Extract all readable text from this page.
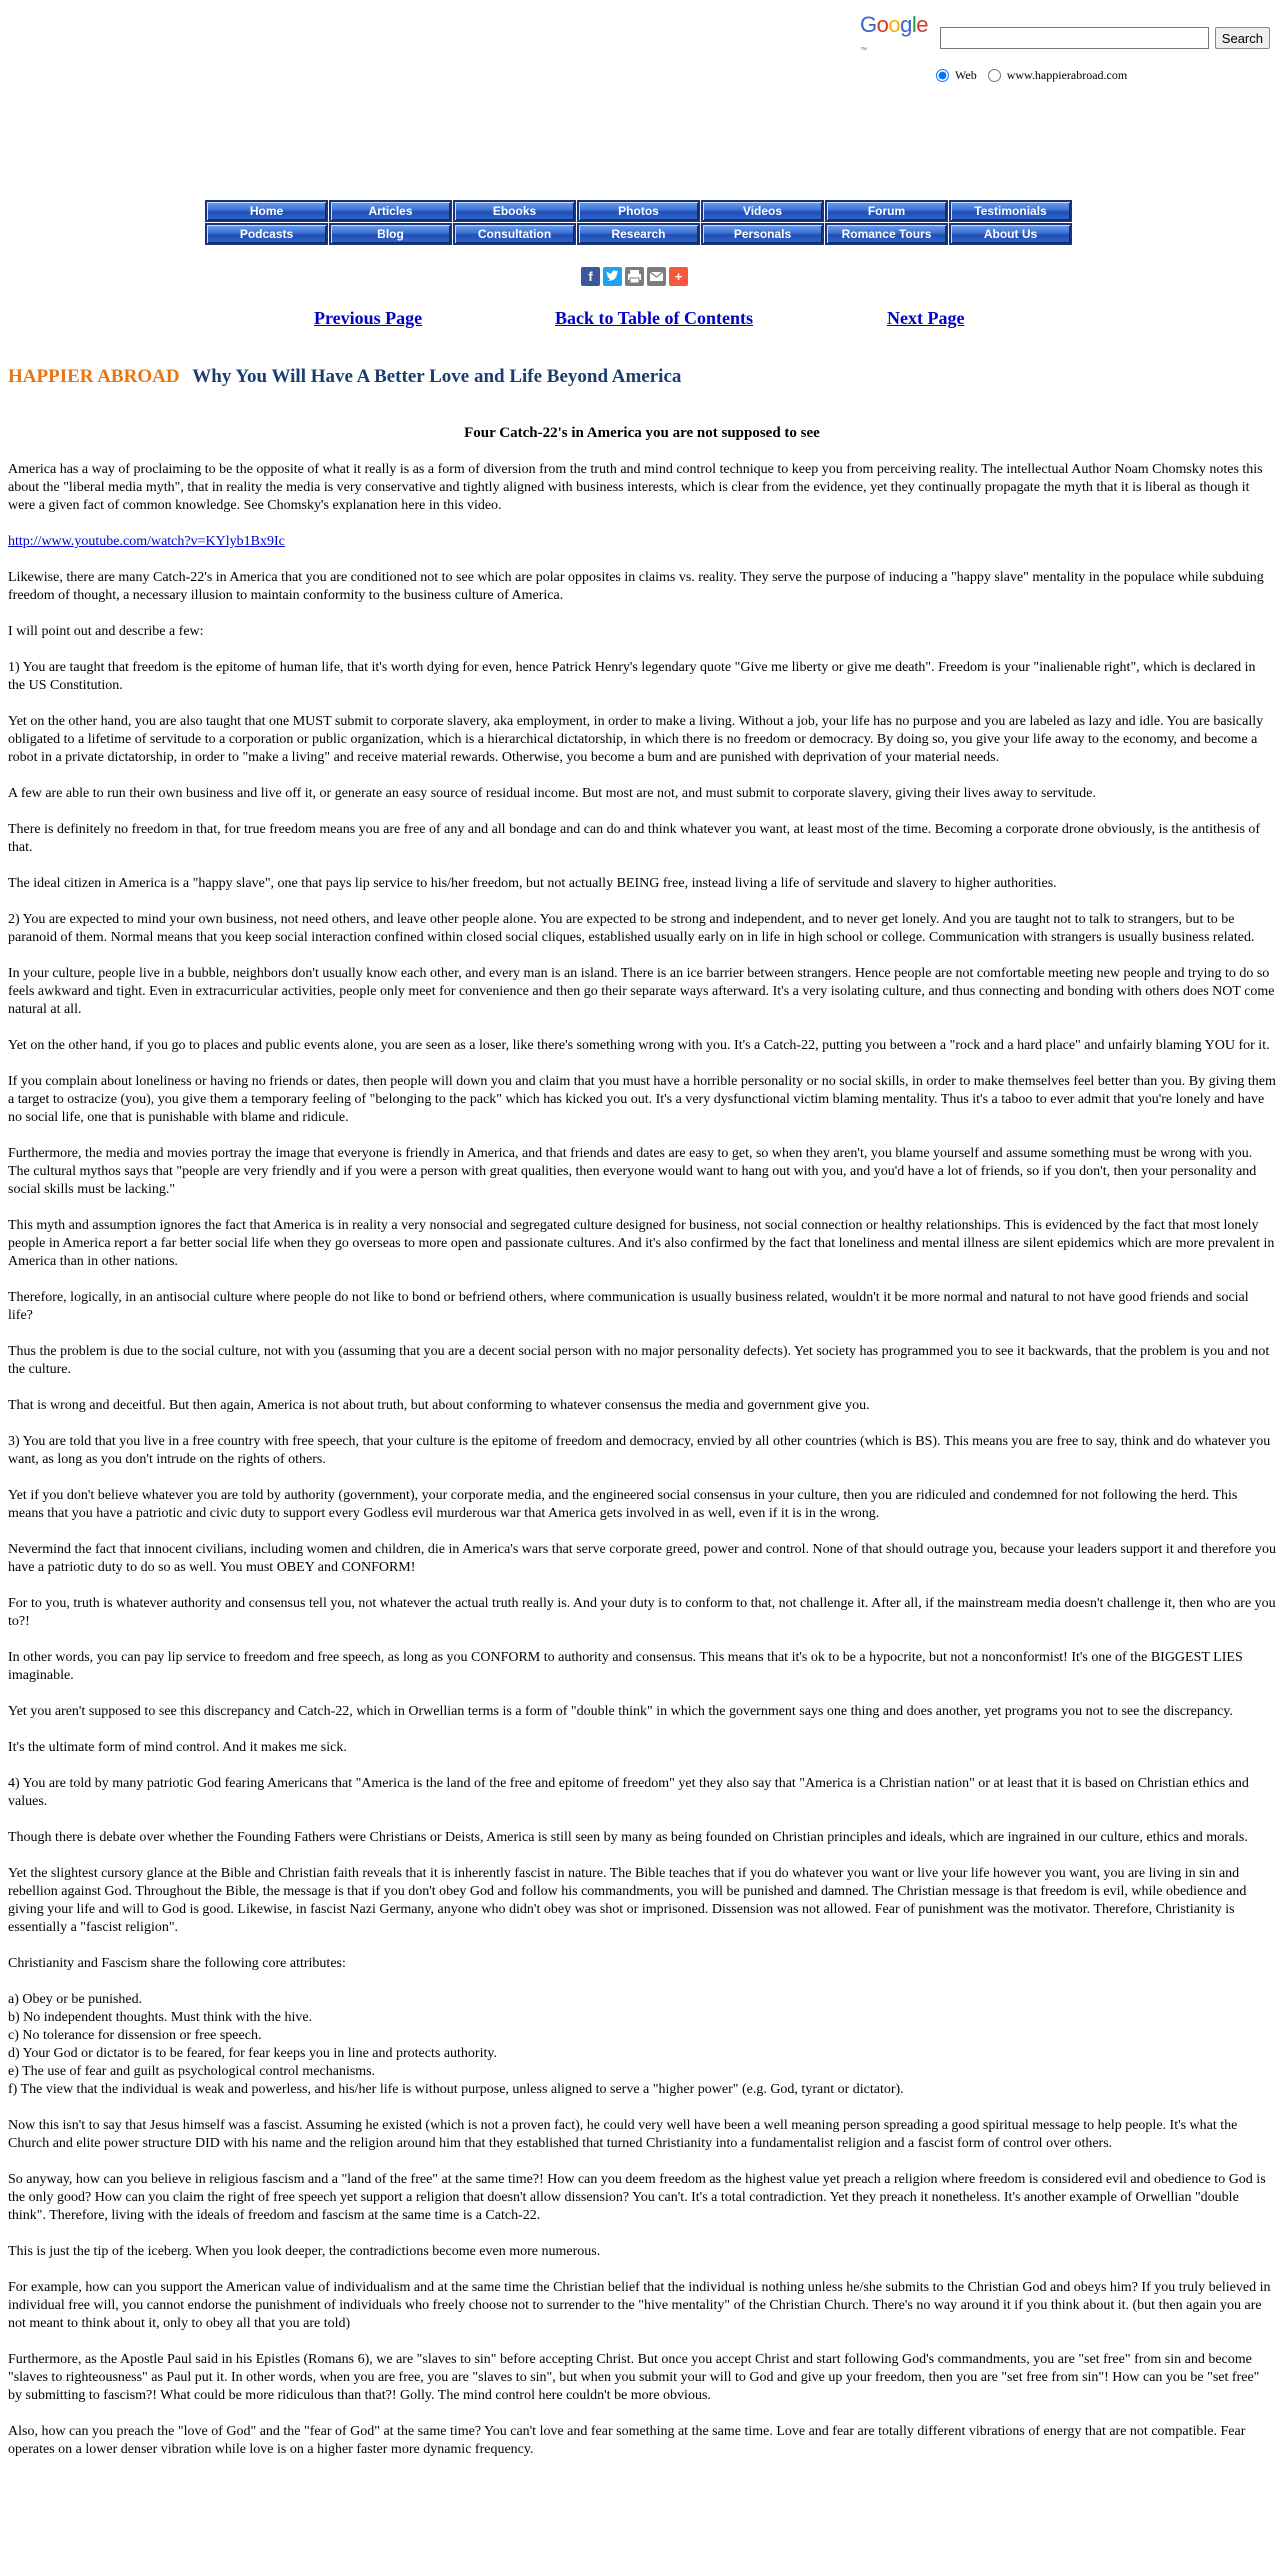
Google™
Search
Web	www.happierabroad.com
Home	Articles	Ebooks	Photos	Videos	Forum	Testimonials
Podcasts	Blog	Consultation	Research	Personals	Romance Tours	About Us
f	+
Previous Page	Back to Table of Contents	Next Page
HAPPIER ABROAD Why You Will Have A Better Love and Life Beyond America
Four Catch-22's in America you are not supposed to see

America has a way of proclaiming to be the opposite of what it really is as a form of diversion from the truth and mind control technique to keep you from perceiving reality. The intellectual Author Noam Chomsky notes this about the "liberal media myth", that in reality the media is very conservative and tightly aligned with business interests, which is clear from the evidence, yet they continually propagate the myth that it is liberal as though it were a given fact of common knowledge. See Chomsky's explanation here in this video.

http://www.youtube.com/watch?v=KYlyb1Bx9Ic

Likewise, there are many Catch-22's in America that you are conditioned not to see which are polar opposites in claims vs. reality. They serve the purpose of inducing a "happy slave" mentality in the populace while subduing freedom of thought, a necessary illusion to maintain conformity to the business culture of America.

I will point out and describe a few:

1) You are taught that freedom is the epitome of human life, that it's worth dying for even, hence Patrick Henry's legendary quote "Give me liberty or give me death". Freedom is your "inalienable right", which is declared in the US Constitution.

Yet on the other hand, you are also taught that one MUST submit to corporate slavery, aka employment, in order to make a living. Without a job, your life has no purpose and you are labeled as lazy and idle. You are basically obligated to a lifetime of servitude to a corporation or public organization, which is a hierarchical dictatorship, in which there is no freedom or democracy. By doing so, you give your life away to the economy, and become a robot in a private dictatorship, in order to "make a living" and receive material rewards. Otherwise, you become a bum and are punished with deprivation of your material needs.

A few are able to run their own business and live off it, or generate an easy source of residual income. But most are not, and must submit to corporate slavery, giving their lives away to servitude.

There is definitely no freedom in that, for true freedom means you are free of any and all bondage and can do and think whatever you want, at least most of the time. Becoming a corporate drone obviously, is the antithesis of that.

The ideal citizen in America is a "happy slave", one that pays lip service to his/her freedom, but not actually BEING free, instead living a life of servitude and slavery to higher authorities.

2) You are expected to mind your own business, not need others, and leave other people alone. You are expected to be strong and independent, and to never get lonely. And you are taught not to talk to strangers, but to be paranoid of them. Normal means that you keep social interaction confined within closed social cliques, established usually early on in life in high school or college. Communication with strangers is usually business related.

In your culture, people live in a bubble, neighbors don't usually know each other, and every man is an island. There is an ice barrier between strangers. Hence people are not comfortable meeting new people and trying to do so feels awkward and tight. Even in extracurricular activities, people only meet for convenience and then go their separate ways afterward. It's a very isolating culture, and thus connecting and bonding with others does NOT come natural at all.

Yet on the other hand, if you go to places and public events alone, you are seen as a loser, like there's something wrong with you. It's a Catch-22, putting you between a "rock and a hard place" and unfairly blaming YOU for it.

If you complain about loneliness or having no friends or dates, then people will down you and claim that you must have a horrible personality or no social skills, in order to make themselves feel better than you. By giving them a target to ostracize (you), you give them a temporary feeling of "belonging to the pack" which has kicked you out. It's a very dysfunctional victim blaming mentality. Thus it's a taboo to ever admit that you're lonely and have no social life, one that is punishable with blame and ridicule.

Furthermore, the media and movies portray the image that everyone is friendly in America, and that friends and dates are easy to get, so when they aren't, you blame yourself and assume something must be wrong with you. The cultural mythos says that "people are very friendly and if you were a person with great qualities, then everyone would want to hang out with you, and you'd have a lot of friends, so if you don't, then your personality and social skills must be lacking."

This myth and assumption ignores the fact that America is in reality a very nonsocial and segregated culture designed for business, not social connection or healthy relationships. This is evidenced by the fact that most lonely people in America report a far better social life when they go overseas to more open and passionate cultures. And it's also confirmed by the fact that loneliness and mental illness are silent epidemics which are more prevalent in America than in other nations.

Therefore, logically, in an antisocial culture where people do not like to bond or befriend others, where communication is usually business related, wouldn't it be more normal and natural to not have good friends and social life?

Thus the problem is due to the social culture, not with you (assuming that you are a decent social person with no major personality defects). Yet society has programmed you to see it backwards, that the problem is you and not the culture.

That is wrong and deceitful. But then again, America is not about truth, but about conforming to whatever consensus the media and government give you.

3) You are told that you live in a free country with free speech, that your culture is the epitome of freedom and democracy, envied by all other countries (which is BS). This means you are free to say, think and do whatever you want, as long as you don't intrude on the rights of others.

Yet if you don't believe whatever you are told by authority (government), your corporate media, and the engineered social consensus in your culture, then you are ridiculed and condemned for not following the herd. This means that you have a patriotic and civic duty to support every Godless evil murderous war that America gets involved in as well, even if it is in the wrong.

Nevermind the fact that innocent civilians, including women and children, die in America's wars that serve corporate greed, power and control. None of that should outrage you, because your leaders support it and therefore you have a patriotic duty to do so as well. You must OBEY and CONFORM!

For to you, truth is whatever authority and consensus tell you, not whatever the actual truth really is. And your duty is to conform to that, not challenge it. After all, if the mainstream media doesn't challenge it, then who are you to?!

In other words, you can pay lip service to freedom and free speech, as long as you CONFORM to authority and consensus. This means that it's ok to be a hypocrite, but not a nonconformist! It's one of the BIGGEST LIES imaginable.

Yet you aren't supposed to see this discrepancy and Catch-22, which in Orwellian terms is a form of "double think" in which the government says one thing and does another, yet programs you not to see the discrepancy.

It's the ultimate form of mind control. And it makes me sick.

4) You are told by many patriotic God fearing Americans that "America is the land of the free and epitome of freedom" yet they also say that "America is a Christian nation" or at least that it is based on Christian ethics and values.

Though there is debate over whether the Founding Fathers were Christians or Deists, America is still seen by many as being founded on Christian principles and ideals, which are ingrained in our culture, ethics and morals.

Yet the slightest cursory glance at the Bible and Christian faith reveals that it is inherently fascist in nature. The Bible teaches that if you do whatever you want or live your life however you want, you are living in sin and rebellion against God. Throughout the Bible, the message is that if you don't obey God and follow his commandments, you will be punished and damned. The Christian message is that freedom is evil, while obedience and giving your life and will to God is good. Likewise, in fascist Nazi Germany, anyone who didn't obey was shot or imprisoned. Dissension was not allowed. Fear of punishment was the motivator. Therefore, Christianity is essentially a "fascist religion".

Christianity and Fascism share the following core attributes:

a) Obey or be punished.
b) No independent thoughts. Must think with the hive.
c) No tolerance for dissension or free speech.
d) Your God or dictator is to be feared, for fear keeps you in line and protects authority.
e) The use of fear and guilt as psychological control mechanisms.
f) The view that the individual is weak and powerless, and his/her life is without purpose, unless aligned to serve a "higher power" (e.g. God, tyrant or dictator).

Now this isn't to say that Jesus himself was a fascist. Assuming he existed (which is not a proven fact), he could very well have been a well meaning person spreading a good spiritual message to help people. It's what the Church and elite power structure DID with his name and the religion around him that they established that turned Christianity into a fundamentalist religion and a fascist form of control over others.

So anyway, how can you believe in religious fascism and a "land of the free" at the same time?! How can you deem freedom as the highest value yet preach a religion where freedom is considered evil and obedience to God is the only good? How can you claim the right of free speech yet support a religion that doesn't allow dissension? You can't. It's a total contradiction. Yet they preach it nonetheless. It's another example of Orwellian "double think". Therefore, living with the ideals of freedom and fascism at the same time is a Catch-22.

This is just the tip of the iceberg. When you look deeper, the contradictions become even more numerous.

For example, how can you support the American value of individualism and at the same time the Christian belief that the individual is nothing unless he/she submits to the Christian God and obeys him? If you truly believed in individual free will, you cannot endorse the punishment of individuals who freely choose not to surrender to the "hive mentality" of the Christian Church. There's no way around it if you think about it. (but then again you are not meant to think about it, only to obey all that you are told)

Furthermore, as the Apostle Paul said in his Epistles (Romans 6), we are "slaves to sin" before accepting Christ. But once you accept Christ and start following God's commandments, you are "set free" from sin and become "slaves to righteousness" as Paul put it. In other words, when you are free, you are "slaves to sin", but when you submit your will to God and give up your freedom, then you are "set free from sin"! How can you be "set free" by submitting to fascism?! What could be more ridiculous than that?! Golly. The mind control here couldn't be more obvious.

Also, how can you preach the "love of God" and the "fear of God" at the same time? You can't love and fear something at the same time. Love and fear are totally different vibrations of energy that are not compatible. Fear operates on a lower denser vibration while love is on a higher faster more dynamic frequency.
